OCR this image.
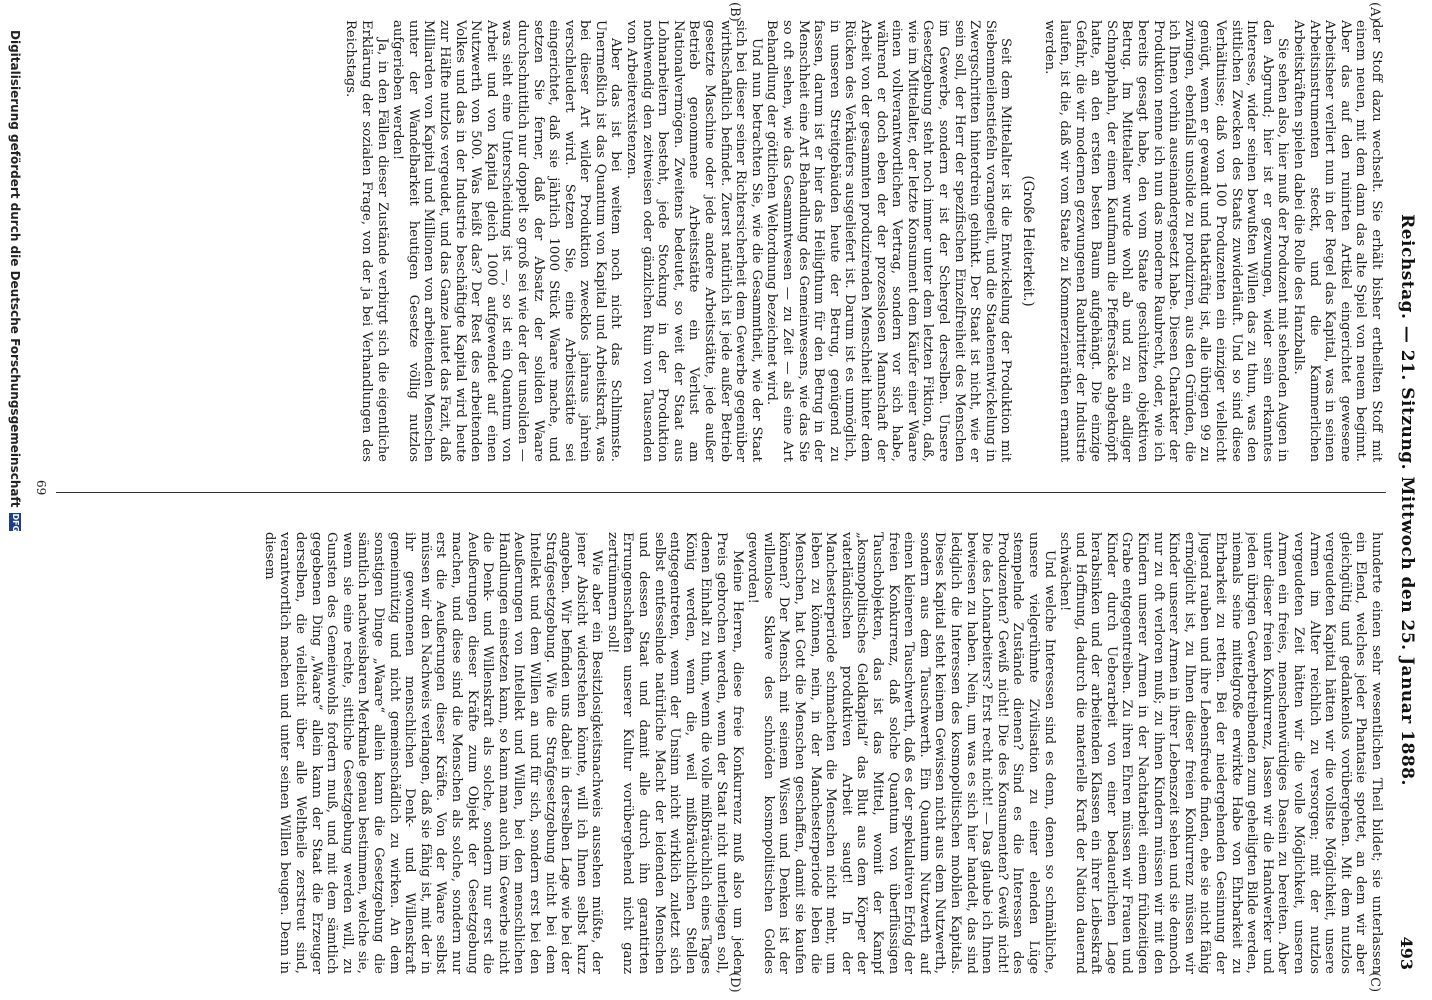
Reichstag. — 21. Sitzung. Mittwoch den 25. Januar 1888.
493
(A)
(B)
(C)
(D)

der Stoff dazu wechselt. Sie erhält bisher ertheilten Stoff mit einem neuen, mit dem dann das alte Spiel von neuem beginnt. Aber das auf den ruinirten Artikel eingerichtet gewesene Arbeitsheer verliert nun in der Regel das Kapital, was in seinen Arbeitsinstrumenten steckt, und die Kammerlichen Arbeitskräften spielen dabei die Rolle des Hanzballs.

Sie sehen also, hier muß der Produzent mit sehenden Augen in den Abgrund; hier ist er gezwungen, wider sein erkanntes Interesse, wider seinen bewußten Willen das zu thun, was den sittlichen Zwecken des Staats zuwiderläuft. Und so sind diese Verhältnisse; daß von 100 Produzenten ein einziger vielleicht genügt, wenn er gewandt und thatkräftig ist, alle übrigen 99 zu zwingen, ebenfalls unsolide zu produziren, aus den Gründen, die ich Ihnen vorhin auseinandergesetzt habe. Diesen Charakter der Produktion nenne ich nun das moderne Raubrecht, oder, wie ich bereits gesagt habe, den vom Staate geschützten objektiven Betrug. Im Mittelalter wurde wohl ab und zu ein adliger Schnapphahn, der einem Kaufmann die Pfeffersäcke abgeknöpft hatte, an den ersten besten Baum aufgehängt. Die einzige Gefahr, die wir modernen gezwungenen Raubritter der Industrie laufen, ist die, daß wir vom Staate zu Kommerzienräthen ernannt werden.

(Große Heiterkeit.)

Seit dem Mittelalter ist die Entwickelung der Produktion mit Siebenmeilenstiefeln vorangeeilt, und die Staatenentwickelung in Zwergschritten hinterdrein gehinkt. Der Staat ist nicht, wie er sein soll, der Herr der spezifischen Einzelfreiheit des Menschen im Gewerbe, sondern er ist der Schergel derselben. Unsere Gesetzgebung steht noch immer unter dem letzten Fiktion, daß, wie im Mittelalter, der letzte Konsument dem Käufer einer Waare einen vollverantwortlichen Vertrag, sondern vor sich habe, während er doch eben der der prozesslosen Mannschaft der Arbeit von der gesammten produzirenden Menschheit hinter dem Rücken des Verkäufers ausgeliefert ist. Darum ist es unmöglich, in unseren Streitgebäuden heute der Betrug, genügend zu fassen, darum ist er hier das Heiligthum für den Betrug in der Menschheit eine Art Behandlung des Gemeinwesens, wie das Sie so oft sehen, wie das Gesammtwesen — zu Zeit — als eine Art Behandlung der göttlichen Weltordnung bezeichnet wird.

Und nun betrachten Sie, wie die Gesammtheit, wie der Staat sich bei dieser seiner Richtersicherheit dem Gewerbe gegenüber wirthschaftlich befindet. Zuerst natürlich ist jede außer Betrieb gesetzte Maschine oder jede andere Arbeitsstätte, jede außer Betrieb genommene Arbeitsstätte ein Verlust am Nationalvermögen. Zweitens bedeutet, so weit der Staat aus Lohnarbeitern besteht, jede Stockung in der Produktion nothwendig den zeitweisen oder gänzlichen Ruin von Tausenden von Arbeiterexistenzen.

Aber das ist bei weitem noch nicht das Schlimmste. Unermeßlich ist das Quantum von Kapital und Arbeitskraft, was bei dieser Art wilder Produktion zwecklos jahraus jahrein verschleudert wird. Setzen Sie, eine Arbeitsstätte sei eingerichtet, daß sie jährlich 1000 Stück Waare mache, und setzen Sie ferner, daß der Absatz der soliden Waare durchschnittlich nur doppelt so groß sei wie der der unsoliden — was sieht eine Unterscheidung ist —, so ist ein Quantum von Arbeit und von Kapital gleich 1000 aufgewendet auf einen Nutzwerth von 500. Was heißt das? Der Rest des arbeitenden Volkes und das in der Industrie beschäftigte Kapital wird heute zur Hälfte nutzlos vergeudet, und das Ganze lautet das Fazit, daß Milliarden von Kapital und Millionen von arbeitenden Menschen unter der Wandelbarkeit heutigen Gesetze völlig nutzlos aufgerieben werden!

Ja, in den Fällen dieser Zustände verbirgt sich die eigentliche Erklärung der sozialen Frage, von der ja bei Verhandlungen des Reichstags.

hunderte einen sehr wesentlichen Theil bildet; sie unterlassen ein Elend, welches jeder Phantasie spottet, an dem wir aber gleichgültig und gedankenlos vorübergehen. Mit dem nutzlos vergeudeten Kapital hätten wir die vollste Möglichkeit, unsere Armen im Alter reichlich zu versorgen; mit der nutzlos vergeudeten Zeit hätten wir die volle Möglichkeit, unseren Armen ein freies, menschenwürdiges Dasein zu bereiten. Aber unter dieser freien Konkurrenz, lassen wir die Handwerker und jeden übrigen Gewerbetreibenden zum geheiligten Bilde werden, niemals seine mittelgroße erwirkte Habe von Ehrbarkeit zu Ehrbarkeit zu retten. Bei der niedergehenden Gesinnung der Jugend rauben und ihre Lebensfreude finden, ehe sie nicht fähig ermöglicht ist, zu Ihnen dieser freien Konkurrenz müssen wir Kinder unserer Armen in ihrer Lebenszeit sehen und sie dennoch nur zu oft verloren muß; zu ihnen Kindern müssen wir mit den Kindern unserer Armen in der Nachtarbeit einem frühzeitigen Grabe entgegentreiben. Zu ihren Ehren müssen wir Frauen und Kinder durch Ueberarbeit von einer bedauerlichen Lage herabsinken und der arbeitenden Klassen ein ihrer Leibeskraft und Hoffnung, dadurch die materielle Kraft der Nation dauernd schwächen!

Und welche Interessen sind es denn, denen so schmähliche, unsere vielgerühmte Zivilisation zu einer elenden Lüge stempelnde Zustände dienen? Sind es die Interessen des Produzenten? Gewiß nicht! Die des Konsumenten? Gewiß nicht! Die des Lohnarbeiters? Erst recht nicht! — Das glaube ich Ihnen bewiesen zu haben. Nein, um was es sich hier handelt, das sind lediglich die Interessen des kosmopolitischen mobilen Kapitals. Dieses Kapital steht keinem Gewissen nicht aus dem Nutzwerth, sondern aus dem Tauschwerth. Ein Quantum Nutzwerth auf einen kleineren Tauschwerth, daß es der spekulativen Erfolg der freien Konkurrenz, daß solche Quantum von überflüssigen Tauschobjekten, das ist das Mittel, womit der Kampf „kosmopolitisches Geldkapital“ das Blut aus dem Körper der vaterländischen produktiven Arbeit saugt! In der Manchesterperiode schmachten die Menschen nicht mehr, um leben zu können, nein, in der Manchesterperiode leben die Menschen, hat Gott die Menschen geschaffen, damit sie kaufen können? Der Mensch mit seinem Wissen und Denken ist der willenlose Sklave des schnöden kosmopolitischen Goldes geworden!

Meine Herren, diese freie Konkurrenz muß also um jeden Preis gebrochen werden, wenn der Staat nicht unterliegen soll, denen Einhalt zu thun, wenn die volle mißbräuchlich eines Tages König werden, wenn die, weil mißbräuchlichen Stellen entgegentreten, wenn der Unsinn nicht wirklich zuletzt sich selbst entfesselnde natürliche Macht der leidenden Menschen und dessen Staat und damit alle durch ihn garantirten Errungenschaften unserer Kultur vorübergehend nicht ganz zertrümmern soll!

Wie aber ein Besitzlosigkeitsnachweis aussehen müßte, der jener Absicht widerstehen könnte, will ich Ihnen selbst kurz angeben. Wir befinden uns dabei in derselben Lage wie bei der Strafgesetzgebung. Wie die Strafgesetzgebung nicht bei dem Intellekt und dem Willen an und für sich, sondern erst bei den Aeußerungen von Intellekt und Willen, bei den menschlichen Handlungen einsetzen kann, so kann man auch im Gewerbe nicht die Denk- und Willenskraft als solche, sondern nur erst die Aeußerungen dieser Kräfte zum Objekt der Gesetzgebung machen, und diese sind die Menschen als solche, sondern nur erst die Aeußerungen dieser Kräfte. Von der Waare selbst müssen wir den Nachweis verlangen, daß sie fähig ist, mit der in ihr gewonnenen menschlichen Denk- und Willenskraft gemeinnützig und nicht gemeinschädlich zu wirken. An dem sonstigen Dinge „Waare“ allein kann die Gesetzgebung die sämtlich nachweisbaren Merkmale genau bestimmen, welche sie, wenn sie eine rechte, sittliche Gesetzgebung werden will, zu Gunsten des Gemeinwohls fordern muß, und mit dem sämtlich gegebenen Ding „Waare“ allein kann der Staat die Erzeuger derselben, die vielleicht über alle Weltheile zerstreut sind, verantwortlich machen und unter seinen Willen beugen. Denn in diesem

69
Digitalisierung gefördert durch die Deutsche Forschungsgemeinschaft
DFG
